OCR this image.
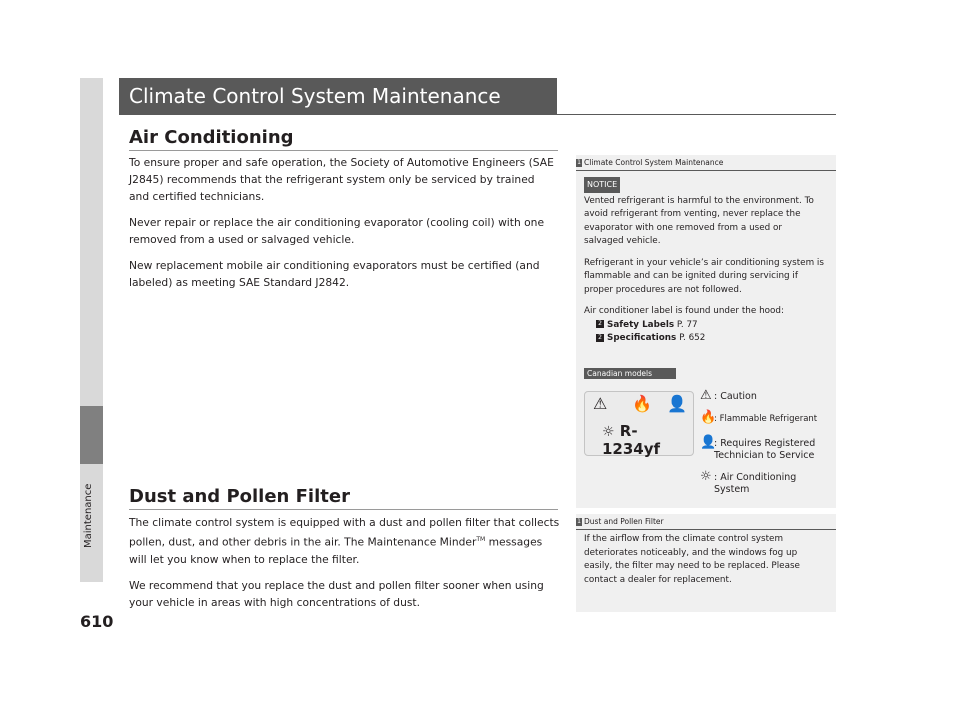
Maintenance
610
Climate Control System Maintenance
Air Conditioning

To ensure proper and safe operation, the Society of Automotive Engineers (SAE J2845) recommends that the refrigerant system only be serviced by trained and certified technicians.

Never repair or replace the air conditioning evaporator (cooling coil) with one removed from a used or salvaged vehicle.

New replacement mobile air conditioning evaporators must be certified (and labeled) as meeting SAE Standard J2842.

Dust and Pollen Filter

The climate control system is equipped with a dust and pollen filter that collects pollen, dust, and other debris in the air. The Maintenance Minder™ messages will let you know when to replace the filter.

We recommend that you replace the dust and pollen filter sooner when using your vehicle in areas with high concentrations of dust.

1 Climate Control System Maintenance
NOTICE

Vented refrigerant is harmful to the environment. To avoid refrigerant from venting, never replace the evaporator with one removed from a used or salvaged vehicle.

Refrigerant in your vehicle’s air conditioning system is flammable and can be ignited during servicing if proper procedures are not followed.

Air conditioner label is found under the hood:
2 Safety Labels P. 77
2 Specifications P. 652
Canadian models
⚠ 🔥 👤
☼ R-1234yf
⚠ : Caution
🔥
: Flammable Refrigerant
👤
: Requires Registered Technician to Service
☼ : Air Conditioning System
1 Dust and Pollen Filter
If the airflow from the climate control system deteriorates noticeably, and the windows fog up easily, the filter may need to be replaced. Please contact a dealer for replacement.
